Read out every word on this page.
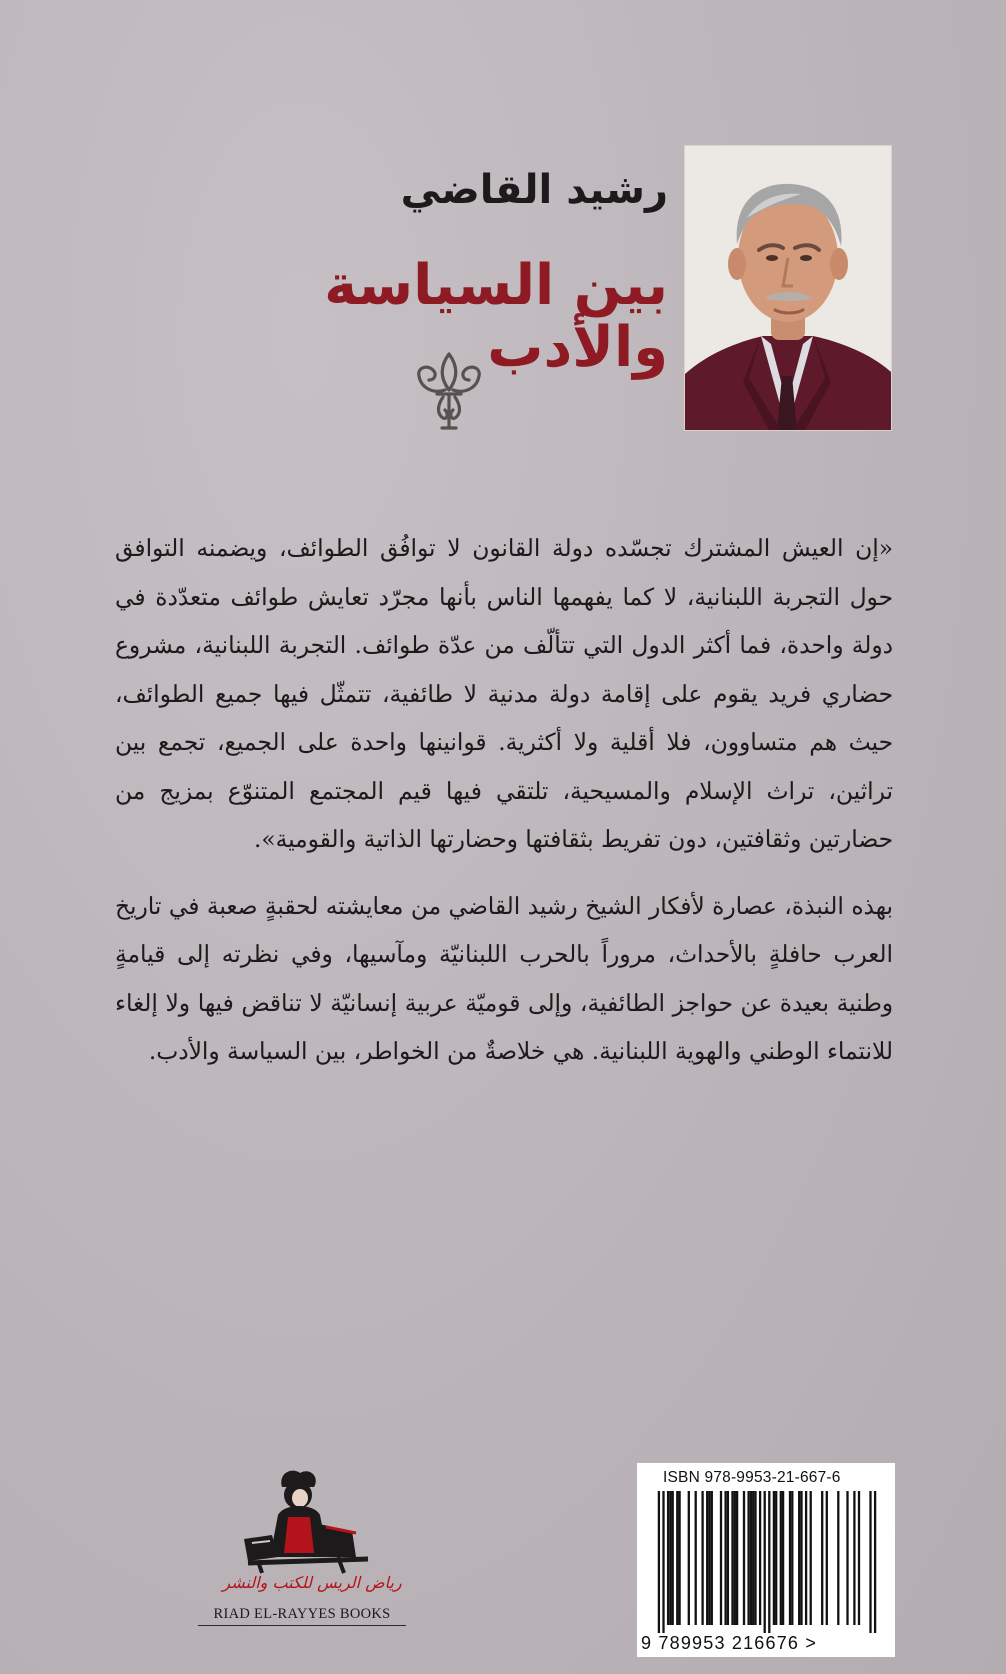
رشيد القاضي
بين السياسة والأدب

«إن العيش المشترك تجسّده دولة القانون لا توافُق الطوائف، ويضمنه التوافق حول التجربة اللبنانية، لا كما يفهمها الناس بأنها مجرّد تعايش طوائف متعدّدة في دولة واحدة، فما أكثر الدول التي تتألّف من عدّة طوائف. التجربة اللبنانية، مشروع حضاري فريد يقوم على إقامة دولة مدنية لا طائفية، تتمثّل فيها جميع الطوائف، حيث هم متساوون، فلا أقلية ولا أكثرية. قوانينها واحدة على الجميع، تجمع بين تراثين، تراث الإسلام والمسيحية، تلتقي فيها قيم المجتمع المتنوّع بمزيج من حضارتين وثقافتين، دون تفريط بثقافتها وحضارتها الذاتية والقومية».

بهذه النبذة، عصارة لأفكار الشيخ رشيد القاضي من معايشته لحقبةٍ صعبة في تاريخ العرب حافلةٍ بالأحداث، مروراً بالحرب اللبنانيّة ومآسيها، وفي نظرته إلى قيامةٍ وطنية بعيدة عن حواجز الطائفية، وإلى قوميّة عربية إنسانيّة لا تناقض فيها ولا إلغاء للانتماء الوطني والهوية اللبنانية. هي خلاصةٌ من الخواطر، بين السياسة والأدب.

رياض الريس للكتب والنشر
RIAD EL-RAYYES BOOKS
ISBN 978-9953-21-667-6
9 789953 216676 >
